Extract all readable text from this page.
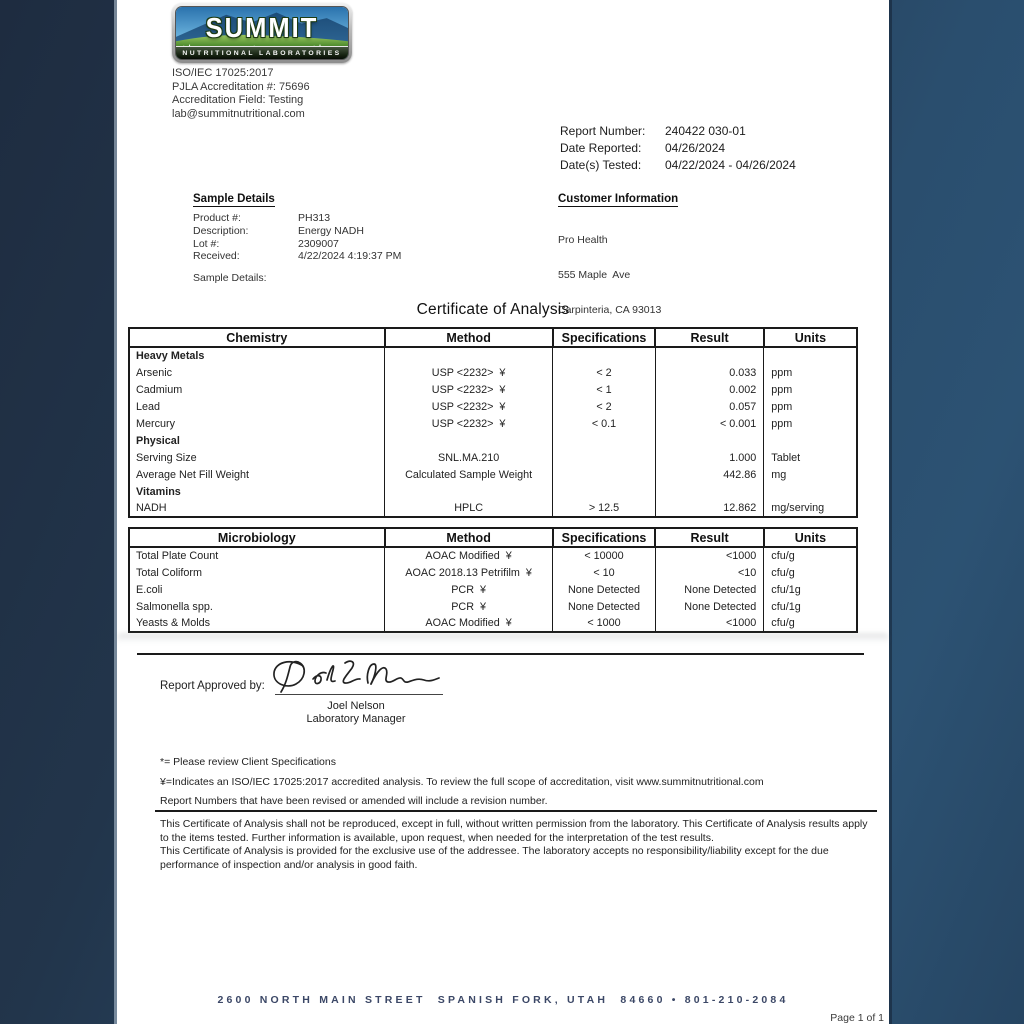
SUMMIT
NUTRITIONAL LABORATORIES
ISO/IEC 17025:2017
PJLA Accreditation #: 75696
Accreditation Field: Testing
lab@summitnutritional.com
Report Number:	240422 030-01
Date Reported:	04/26/2024
Date(s) Tested:	04/22/2024 - 04/26/2024
Sample Details
Product #:	PH313
Description:	Energy NADH
Lot #:	2309007
Received:	4/22/2024 4:19:37 PM
Sample Details:
Customer Information

Pro Health

555 Maple  Ave

Carpinteria, CA 93013

Certificate of Analysis
Chemistry	Method	Specifications	Result	Units
Heavy Metals				
Arsenic	USP <2232>  ¥	< 2	0.033	ppm
Cadmium	USP <2232>  ¥	< 1	0.002	ppm
Lead	USP <2232>  ¥	< 2	0.057	ppm
Mercury	USP <2232>  ¥	< 0.1	< 0.001	ppm
Physical				
Serving Size	SNL.MA.210		1.000	Tablet
Average Net Fill Weight	Calculated Sample Weight		442.86	mg
Vitamins				
NADH	HPLC	> 12.5	12.862	mg/serving
Microbiology	Method	Specifications	Result	Units
Total Plate Count	AOAC Modified  ¥	< 10000	<1000	cfu/g
Total Coliform	AOAC 2018.13 Petrifilm  ¥	< 10	<10	cfu/g
E.coli	PCR  ¥	None Detected	None Detected	cfu/1g
Salmonella spp.	PCR  ¥	None Detected	None Detected	cfu/1g
Yeasts & Molds	AOAC Modified  ¥	< 1000	<1000	cfu/g
Report Approved by:
Joel Nelson
Laboratory Manager
*= Please review Client Specifications
¥=Indicates an ISO/IEC 17025:2017 accredited analysis. To review the full scope of accreditation, visit www.summitnutritional.com
Report Numbers that have been revised or amended will include a revision number.
This Certificate of Analysis shall not be reproduced, except in full, without written permission from the laboratory. This Certificate of Analysis results apply to the items tested. Further information is available, upon request, when needed for the interpretation of the test results.
This Certificate of Analysis is provided for the exclusive use of the addressee. The laboratory accepts no responsibility/liability except for the due performance of inspection and/or analysis in good faith.
2600 NORTH MAIN STREET  SPANISH FORK, UTAH  84660 • 801-210-2084
Page 1 of 1
